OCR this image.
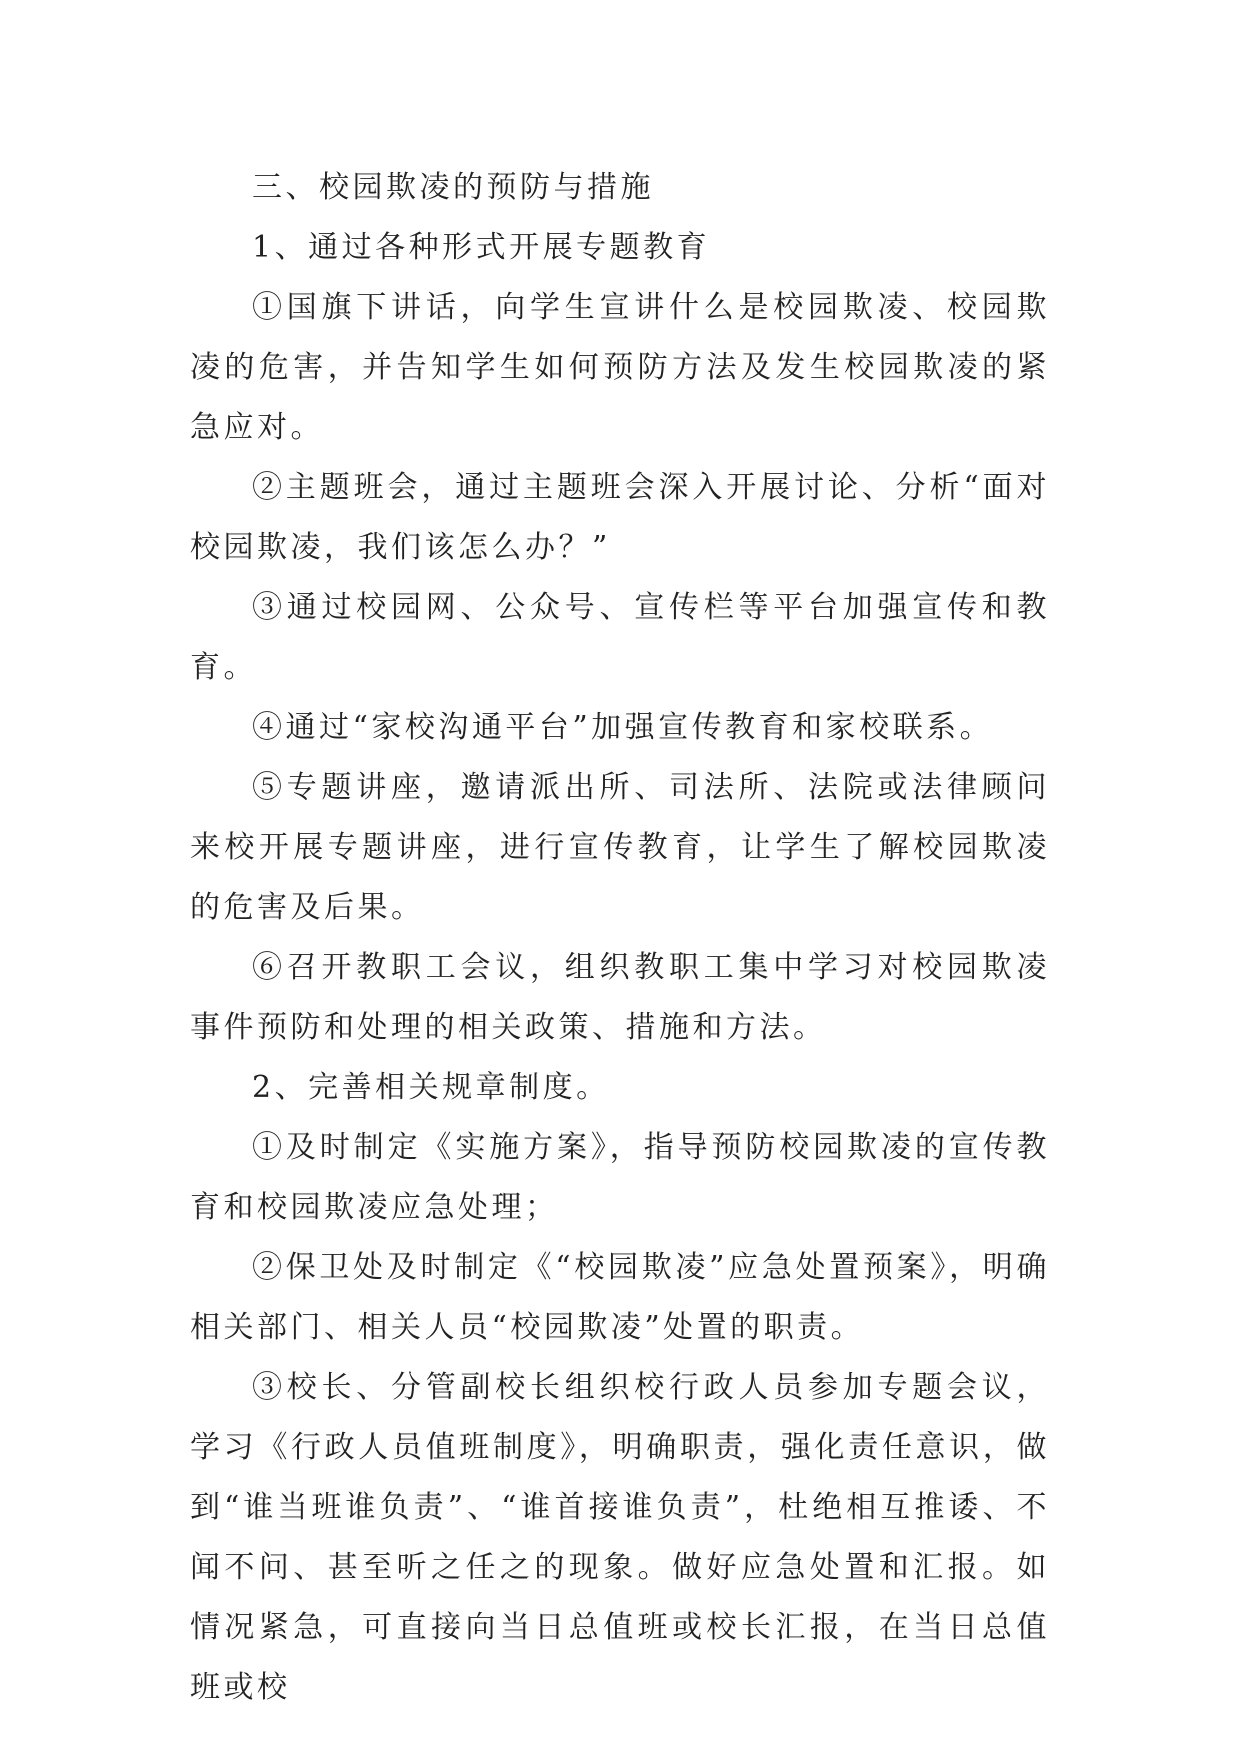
三、校园欺凌的预防与措施

1、通过各种形式开展专题教育

①国旗下讲话，向学生宣讲什么是校园欺凌、校园欺凌的危害，并告知学生如何预防方法及发生校园欺凌的紧急应对。

②主题班会，通过主题班会深入开展讨论、分析“面对校园欺凌，我们该怎么办？”

③通过校园网、公众号、宣传栏等平台加强宣传和教育。

④通过“家校沟通平台”加强宣传教育和家校联系。

⑤专题讲座，邀请派出所、司法所、法院或法律顾问来校开展专题讲座，进行宣传教育，让学生了解校园欺凌的危害及后果。

⑥召开教职工会议，组织教职工集中学习对校园欺凌事件预防和处理的相关政策、措施和方法。

2、完善相关规章制度。

①及时制定《实施方案》，指导预防校园欺凌的宣传教育和校园欺凌应急处理；

②保卫处及时制定《“校园欺凌”应急处置预案》，明确相关部门、相关人员“校园欺凌”处置的职责。

③校长、分管副校长组织校行政人员参加专题会议，学习《行政人员值班制度》，明确职责，强化责任意识，做到“谁当班谁负责”、“谁首接谁负责”，杜绝相互推诿、不闻不问、甚至听之任之的现象。做好应急处置和汇报。如情况紧急，可直接向当日总值班或校长汇报，在当日总值班或校
